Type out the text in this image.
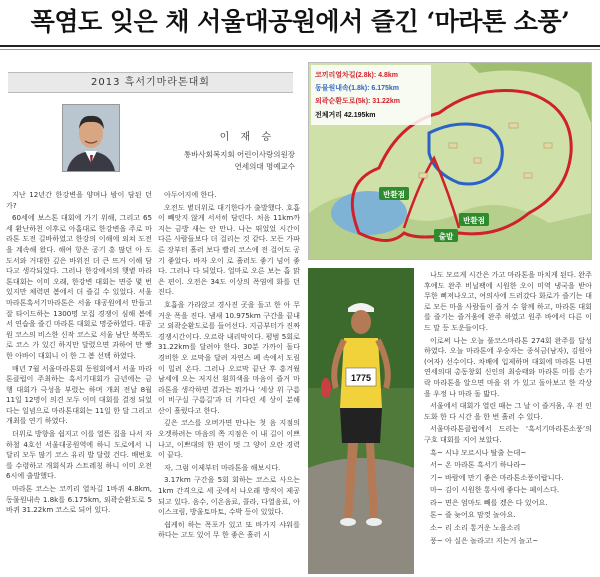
폭염도 잊은 채 서울대공원에서 즐긴 ‘마라톤 소풍’
2013 흑서기마라톤대회
이 재 승
통바사회복지회 어린이사랑의원장
연세의대 명예교수

지난 12년간 한강변을 양며나 밤이 담된 던가?

60세에 보스톤 대회에 가기 위해, 그리고 65세 환난하천 이후로 아홉대로 한강변을 주로 마라톤 도전 길바하였고 한강의 이해에 외쳐 도전을 계속해 왔다. 해여 항은 공기 흥 많던 아 도 도서와 거대한 깊은 바위진 더 큰 뜨거 이해 담다고 생각되었다. 그러나 한강에서의 햇볕 마라톤대회는 이미 오래, 한강변 대회는 면중 몇 번 있지만 체력편 봄에서 더 즐길 수 있었다. 서울마라톤흑서기마라톤은 서울 대공원에서 만들고 잘 타이드하는 1300명 모집 경쟁이 심해 봄에서 연습을 즐긴 마라톤 대회로 명중하였다. 대공원 코스의 비스한 신작 코스로 서울 남단 북쪽도로 코스 가 있긴 하지만 달렸으면 과하여 만 빵한 아바이 대회니 이 한 그 봄 선택 하였다.

매년 7월 서울마라톤회 동원회에서 서울 마라톤클럽이 주최하는 흑서기대회가 금년에는 금행 대회가 극성을 부렸는 하며 개최 전날 8월 11일 12명이 의견 모두 이미 대회를 결정 되었다는 일념으로 마라톤대회는 11일 한 달 그리고 개최를 연기 하였다.

더위로 방향을 쉽지고 이를 열뜬 집을 나서 자하철 4호선 서울대공원역에 하니 도로에서 니 달리 모두 많기 코스 유리 발 달렸 건다. 배번호를 수령하고 개회식과 스트레칭 하니 이미 오전 6시에 출발했다.

마라톤 코스는 코끼리 열차길 1바퀴 4.8km, 동물원내속 1.8k를 6.175km, 외곽순환도로 5바퀴 31.22km 코스로 되어 있다.

아두어지에 한다.

오전도 볕더위로 대기한다가 출발했다. 호흡이 빼앗지 않게 서서히 담린다. 처음 11km까지는 금방 새는 안 만나. 나는 뛰었었 시간이 다른 사람들보다 더 걸리는 것 같다. 모든 가파른 장부터 흘러 보다 빨리 코스에 전 걸어도 공기 좋았다. 바자 오이 로 흘러도 좋기 넘어 좋다. 그러나 다 되었다. 얼마로 오른 보는 흡 맑은 편이. 오전은 34도 이상의 폭염에 화를 던진다.

호흡을 가라앉고 경사진 곳을 돌고 한 아 무거운 폭을 진다. 냄새 10.975km 구간을 끝내고 외곽순환도로를 들어선다. 지금부터가 진짜 경쟁시간이다. 오르락 내리막이다. 평범 5회로 31.22km를 달려야 한다. 30분 가까이 돌다 경비한 오 르막을 달려 자연스 폐 속에서 도림이 밀려 온다. 그러나 오르막 끝난 후 흥겨웠 남세에 오는 저지선 흰희색을 마음이 즐거 마라톤을 생각하면 결과는 뭐가나 ‘세상 위 구름이 비구실 구름길’과 더 기다린 세 상이 분해 산이 흘렀다고 한다.

깊은 코스를 오버가면 만나는 첫 음 지점의 오겟하려는 마음의 쪽 지점은 이 내 길이 이쁘나고, 이쁘대의 한 편이 멋 그 양이 오란 경력이 끝다.

자, 그럼 이제부터 마라톤을 해보시다.

3.17km 구간을 5회 회하는 코스로 사으는 1km 간격으로 세 곳에서 나오래 방적이 제공 되고 있다. 음수, 이온음료, 콜라, 다열음료, 아이스크림, 방울토마토, 수박 등이 있었다.

쉽케히 하는 폭포가 있고 또 바가지 샤워를 하다는 고도 있어 무 한 좋은 흘러 시

나도 모르게 시간은 가고 마라톤을 마치게 된다. 완주 후에도 완주 비닐팩에 시원한 오이 미역 냉국을 받아 무한 뻐져나오고, 여의사에 드러갔다 화로가 즐기는 대로 모든 마을 사람들이 즐거 수 함께 하고, 마라톤 대회를 즐기는 즐거움에 완주 하였고 원주 바에서 다른 이드 말 등 도운들이다.

이로써 나는 오늘 풀코스마라톤 274회 완주를 달성하였다. 오늘 마라톤에 우승자는 종식금(남자), 김원아(여자) 선수이다. 차배에 입제하며 대회에 마라톤 나면 연세의대 총동창회 신인의 최승태와 마라톤 미를 손가락 마라톤을 알으면 마을 위 가 있고 돌아보고 한 각상을 우정 나 마라 돌 밟다.

서울에서 대회가 열린 때는 그 날 이 즐거움, 우 전 인 도화 한 다 시간 을 한 번 흘러 수 있다.

서울마라톤클럽에서 드리는 ‘흑서기마라톤소풍’의 구호 대회를 지어 보았다.

흑~ 시냐 모르시나 탈출 는데~

서~ 온 마라톤 흑서기 하나라~

기~ 바람에 만기 좋은 마라톤소풍이랍니다.

마~ 김이 시원한 통사에 좋다는 페이스다.

라~ 면은 엄마도 빼를 겠은 다 있어요.

톤~ 즐 늦어요 맘껏 놀아요.

소~ 리 소리 통거운 노을소리

풍~ 아 실은 놀라고! 지는거 놀고~

코끼리열차길(2.8k): 4.8km
동물원내속(1.8k): 6.175km
외곽순환도로(5k): 31.22km
전체거리 42.195km
반환점
출발
반환점
1775
